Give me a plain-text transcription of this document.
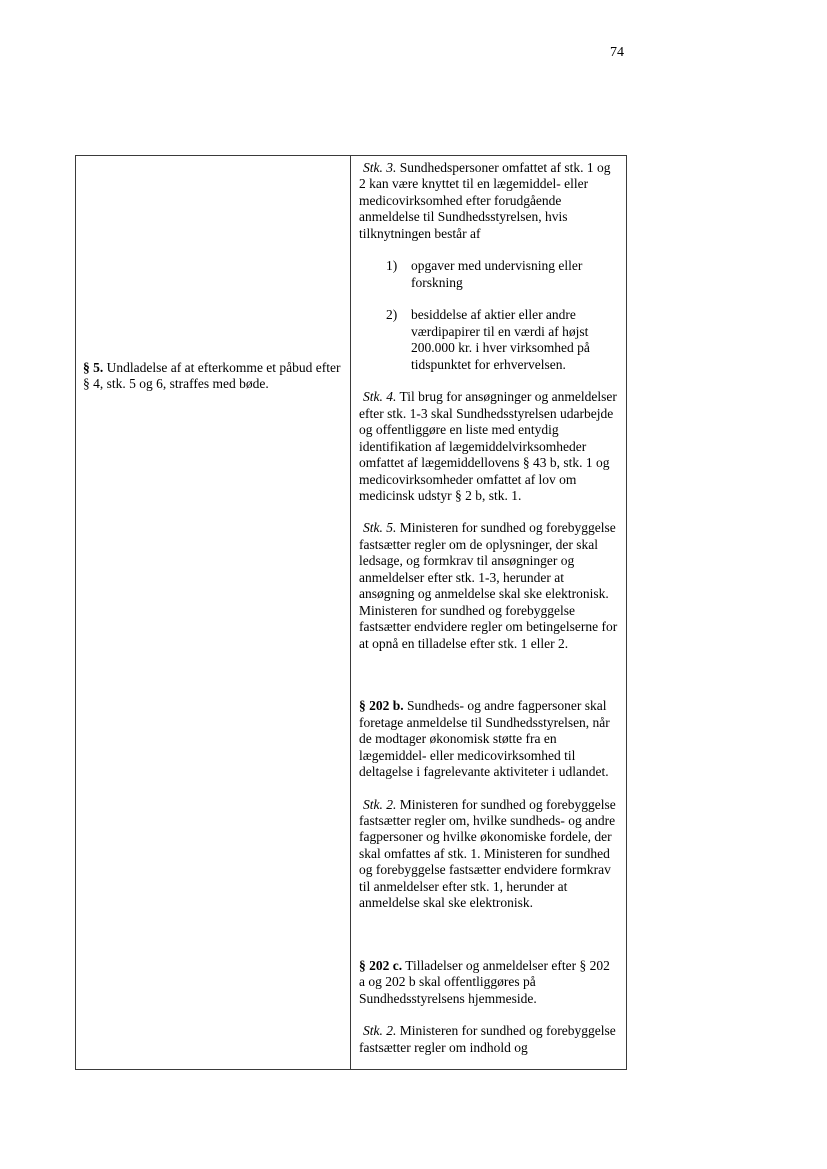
74

§ 5. Undladelse af at efterkomme et påbud efter § 4, stk. 5 og 6, straffes med bøde.

Stk. 3. Sundhedspersoner omfattet af stk. 1 og 2 kan være knyttet til en lægemiddel- eller medicovirksomhed efter forudgående anmeldelse til Sundhedsstyrelsen, hvis tilknytningen består af

1) opgaver med undervisning eller forskning
2) besiddelse af aktier eller andre værdipapirer til en værdi af højst 200.000 kr. i hver virksomhed på tidspunktet for erhvervelsen.

Stk. 4. Til brug for ansøgninger og anmeldelser efter stk. 1-3 skal Sundhedsstyrelsen udarbejde og offentliggøre en liste med entydig identifikation af lægemiddelvirksomheder omfattet af lægemiddellovens § 43 b, stk. 1 og medicovirksomheder omfattet af lov om medicinsk udstyr § 2 b, stk. 1.

Stk. 5. Ministeren for sundhed og forebyggelse fastsætter regler om de oplysninger, der skal ledsage, og formkrav til ansøgninger og anmeldelser efter stk. 1-3, herunder at ansøgning og anmeldelse skal ske elektronisk. Ministeren for sundhed og forebyggelse fastsætter endvidere regler om betingelserne for at opnå en tilladelse efter stk. 1 eller 2.

§ 202 b. Sundheds- og andre fagpersoner skal foretage anmeldelse til Sundhedsstyrelsen, når de modtager økonomisk støtte fra en lægemiddel- eller medicovirksomhed til deltagelse i fagrelevante aktiviteter i udlandet.

Stk. 2. Ministeren for sundhed og forebyggelse fastsætter regler om, hvilke sundheds- og andre fagpersoner og hvilke økonomiske fordele, der skal omfattes af stk. 1. Ministeren for sundhed og forebyggelse fastsætter endvidere formkrav til anmeldelser efter stk. 1, herunder at anmeldelse skal ske elektronisk.

§ 202 c. Tilladelser og anmeldelser efter § 202 a og 202 b skal offentliggøres på Sundhedsstyrelsens hjemmeside.

Stk. 2. Ministeren for sundhed og forebyggelse fastsætter regler om indhold og
